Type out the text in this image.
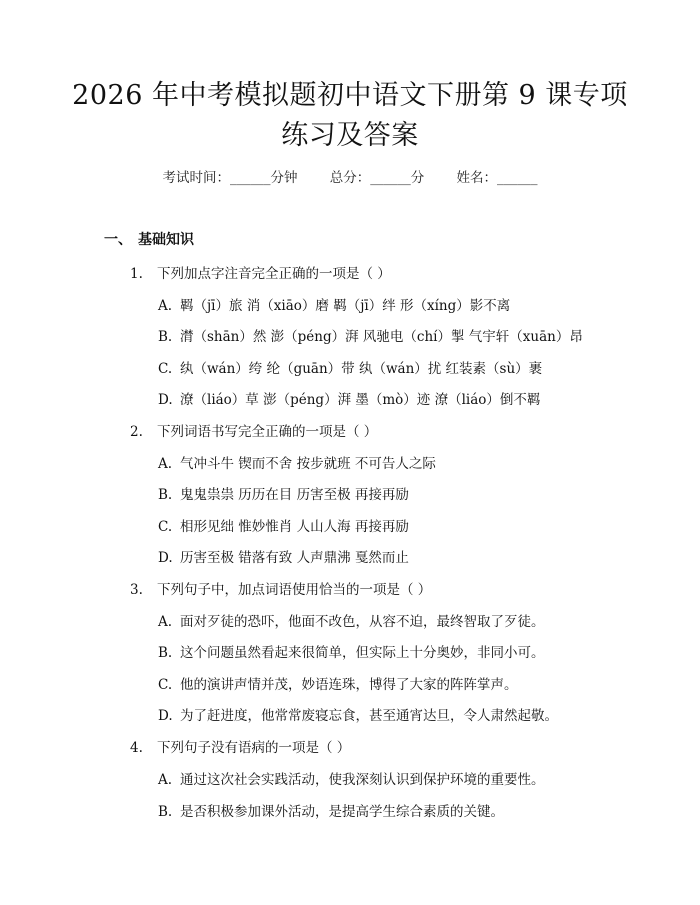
2026 年中考模拟题初中语文下册第 9 课专项
练习及答案
考试时间：______分钟 总分：______分 姓名：______
一、 基础知识
1. 下列加点字注音完全正确的一项是（ ）
A. 羁（jī）旅 消（xiāo）磨 羁（jī）绊 形（xíng）影不离
B. 潸（shān）然 澎（péng）湃 风驰电（chí）掣 气宇轩（xuān）昂
C. 纨（wán）绔 纶（guān）带 纨（wán）扰 红装素（sù）裹
D. 潦（liáo）草 澎（péng）湃 墨（mò）迹 潦（liáo）倒不羁
2. 下列词语书写完全正确的一项是（ ）
A. 气冲斗牛 锲而不舍 按步就班 不可告人之际
B. 鬼鬼祟祟 历历在目 历害至极 再接再励
C. 相形见绌 惟妙惟肖 人山人海 再接再励
D. 历害至极 错落有致 人声鼎沸 戛然而止
3. 下列句子中，加点词语使用恰当的一项是（ ）
A. 面对歹徒的恐吓，他面不改色，从容不迫，最终智取了歹徒。
B. 这个问题虽然看起来很简单，但实际上十分奥妙，非同小可。
C. 他的演讲声情并茂，妙语连珠，博得了大家的阵阵掌声。
D. 为了赶进度，他常常废寝忘食，甚至通宵达旦，令人肃然起敬。
4. 下列句子没有语病的一项是（ ）
A. 通过这次社会实践活动，使我深刻认识到保护环境的重要性。
B. 是否积极参加课外活动，是提高学生综合素质的关键。
